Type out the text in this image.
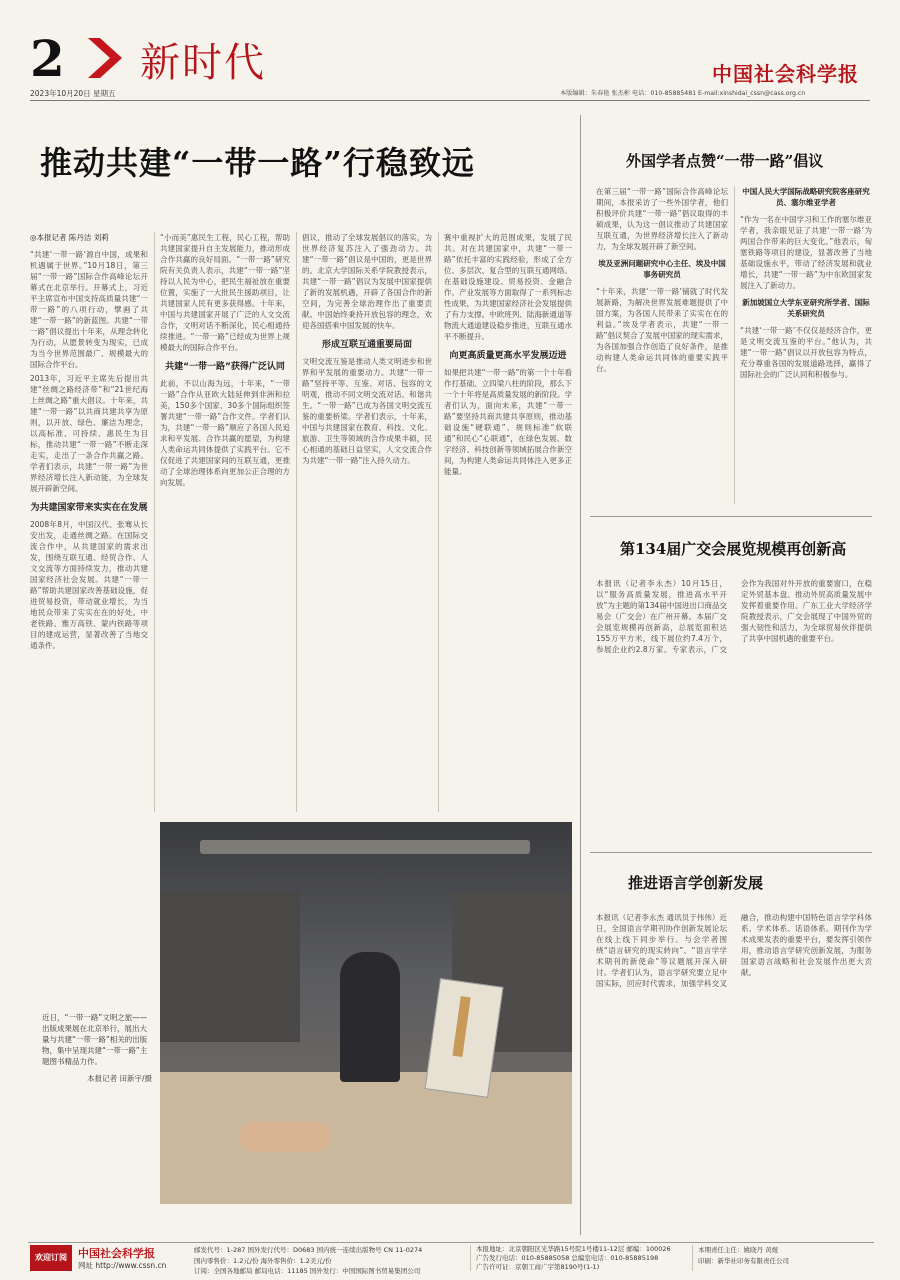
2 新时代
2023年10月20日 星期五
中国社会科学报
本版编辑：朱春艳 张杰彬 电话：010-85885481 E-mail:xinshidai_cssn@cass.org.cn
推动共建“一带一路”行稳致远
◎本报记者 陈丹洁 刘莉

“共建‘一带一路’源自中国，成果和机遇属于世界。”10月18日，第三届“一带一路”国际合作高峰论坛开幕式在北京举行。开幕式上，习近平主席宣布中国支持高质量共建“一带一路”的八项行动，擘画了共建“一带一路”的新蓝图。共建“一带一路”倡议提出十年来，从理念转化为行动，从愿景转变为现实，已成为当今世界范围最广、规模最大的国际合作平台。

2013年，习近平主席先后提出共建“丝绸之路经济带”和“21世纪海上丝绸之路”重大倡议。十年来，共建“一带一路”以共商共建共享为原则，以开放、绿色、廉洁为理念，以高标准、可持续、惠民生为目标，推动共建“一带一路”不断走深走实，走出了一条合作共赢之路。学者们表示，共建“一带一路”为世界经济增长注入新动能，为全球发展开辟新空间。

为共建国家带来实实在在发展

2008年8月，中国汉代、张骞从长安出发，走通丝绸之路。在国际交流合作中，从共建国家的需求出发，围绕互联互通、经贸合作、人文交流等方面持续发力，推动共建国家经济社会发展。共建“一带一路”帮助共建国家改善基础设施，促进贸易投资，带动就业增长，为当地民众带来了实实在在的好处。中老铁路、雅万高铁、蒙内铁路等项目的建成运营，显著改善了当地交通条件。

“小而美”惠民生工程，民心工程，帮助共建国家提升自主发展能力，推动形成合作共赢的良好局面。“一带一路”研究院有关负责人表示，共建“一带一路”坚持以人民为中心，把民生福祉放在重要位置，实施了一大批民生援助项目，让共建国家人民有更多获得感。十年来，中国与共建国家开展了广泛的人文交流合作，文明对话不断深化，民心相通持续推进。“一带一路”已经成为世界上规模最大的国际合作平台。

共建“一带一路”获得广泛认同

此前，不以山海为远，十年来，“一带一路”合作从亚欧大陆延伸到非洲和拉美，150多个国家、30多个国际组织签署共建“一带一路”合作文件。学者们认为，共建“一带一路”顺应了各国人民追求和平发展、合作共赢的愿望，为构建人类命运共同体提供了实践平台。它不仅促进了共建国家间的互联互通，更推动了全球治理体系向更加公正合理的方向发展。

倡议，推动了全球发展倡议的落实，为世界经济复苏注入了强劲动力。共建“一带一路”倡议是中国的，更是世界的。北京大学国际关系学院教授表示，共建“一带一路”倡议为发展中国家提供了新的发展机遇，开辟了各国合作的新空间，为完善全球治理作出了重要贡献。中国始终秉持开放包容的理念，欢迎各国搭乘中国发展的快车。

形成互联互通重要局面

文明交流互鉴是推动人类文明进步和世界和平发展的重要动力。共建“一带一路”坚持平等、互鉴、对话、包容的文明观，推动不同文明交流对话、和谐共生。“一带一路”已成为各国文明交流互鉴的重要桥梁。学者们表示，十年来，中国与共建国家在教育、科技、文化、旅游、卫生等领域的合作成果丰硕，民心相通的基础日益坚实，人文交流合作为共建“一带一路”注入持久动力。

赛中重视扩大的范围成果，发展了民共。对在共建国家中，共建“一带一路”依托丰富的实践经验，形成了全方位、多层次、复合型的互联互通网络。在基础设施建设、贸易投资、金融合作、产业发展等方面取得了一系列标志性成果，为共建国家经济社会发展提供了有力支撑。中欧班列、陆海新通道等物流大通道建设稳步推进，互联互通水平不断提升。

向更高质量更高水平发展迈进

如果把共建“一带一路”的第一个十年看作打基础、立四梁八柱的阶段，那么下一个十年将是高质量发展的新阶段。学者们认为，面向未来，共建“一带一路”要坚持共商共建共享原则，推动基础设施“硬联通”、规则标准“软联通”和民心“心联通”，在绿色发展、数字经济、科技创新等领域拓展合作新空间，为构建人类命运共同体注入更多正能量。

近日，“一带一路”文明之旅——出版成果展在北京举行，展出大量与共建“一带一路”相关的出版物，集中呈现共建“一带一路”主题图书精品力作。
本报记者 田新宇/摄
外国学者点赞“一带一路”倡议

在第三届“一带一路”国际合作高峰论坛期间，本报采访了一些外国学者，他们积极评价共建“一带一路”倡议取得的丰硕成果，认为这一倡议推动了共建国家互联互通，为世界经济增长注入了新动力，为全球发展开辟了新空间。

埃及亚洲问题研究中心主任、埃及中国事务研究员

“十年来，共建‘一带一路’铺就了时代发展新路，为解决世界发展难题提供了中国方案，为各国人民带来了实实在在的利益。”埃及学者表示，共建“一带一路”倡议契合了发展中国家的现实需求，为各国加强合作创造了良好条件，是推动构建人类命运共同体的重要实践平台。

中国人民大学国际战略研究院客座研究员、塞尔维亚学者

“作为一名在中国学习和工作的塞尔维亚学者，我亲眼见证了共建‘一带一路’为两国合作带来的巨大变化。”他表示，匈塞铁路等项目的建设，显著改善了当地基础设施水平，带动了经济发展和就业增长，共建“一带一路”为中东欧国家发展注入了新动力。

新加坡国立大学东亚研究所学者、国际关系研究员

“共建‘一带一路’不仅仅是经济合作，更是文明交流互鉴的平台。”他认为，共建“一带一路”倡议以开放包容为特点，充分尊重各国的发展道路选择，赢得了国际社会的广泛认同和积极参与。

第134届广交会展览规模再创新高

本报讯（记者李永杰）10月15日，以“服务高质量发展，推进高水平开放”为主题的第134届中国进出口商品交易会（广交会）在广州开幕。本届广交会展览规模再创新高，总展览面积达155万平方米，线下展位约7.4万个，参展企业约2.8万家。专家表示，广交会作为我国对外开放的重要窗口，在稳定外贸基本盘、推动外贸高质量发展中发挥着重要作用。广东工业大学经济学院教授表示，广交会展现了中国外贸的强大韧性和活力，为全球贸易伙伴提供了共享中国机遇的重要平台。

推进语言学创新发展

本报讯（记者李永杰 通讯员于伟伟）近日，全国语言学期刊协作创新发展论坛在线上线下同步举行。与会学者围绕“语言研究的现实转向”、“语言学学术期刊的新使命”等议题展开深入研讨。学者们认为，语言学研究要立足中国实际，回应时代需求，加强学科交叉融合，推动构建中国特色语言学学科体系、学术体系、话语体系。期刊作为学术成果发表的重要平台，要发挥引领作用，推动语言学研究创新发展，为服务国家语言战略和社会发展作出更大贡献。

欢迎订阅	中国社会科学报
网址 http://www.cssn.cn
邮发代号：1-287 国外发行代号：D0683 国内统一连续出版物号 CN 11-0274
国内零售价：1.2元/份 海外零售价：1.2美元/份
订阅：全国各地邮局 邮局电话：11185 国外发行：中国国际图书贸易集团公司
本报地址：北京朝阳区光华路15号院1号楼11-12层 邮编：100026
广告发行电话：010-85885058 总编室电话：010-85885198
广告许可证：京朝工商广字第8190号(1-1)
本期责任主任：姚晓丹 黄煜
印刷：新华社印务有限责任公司
